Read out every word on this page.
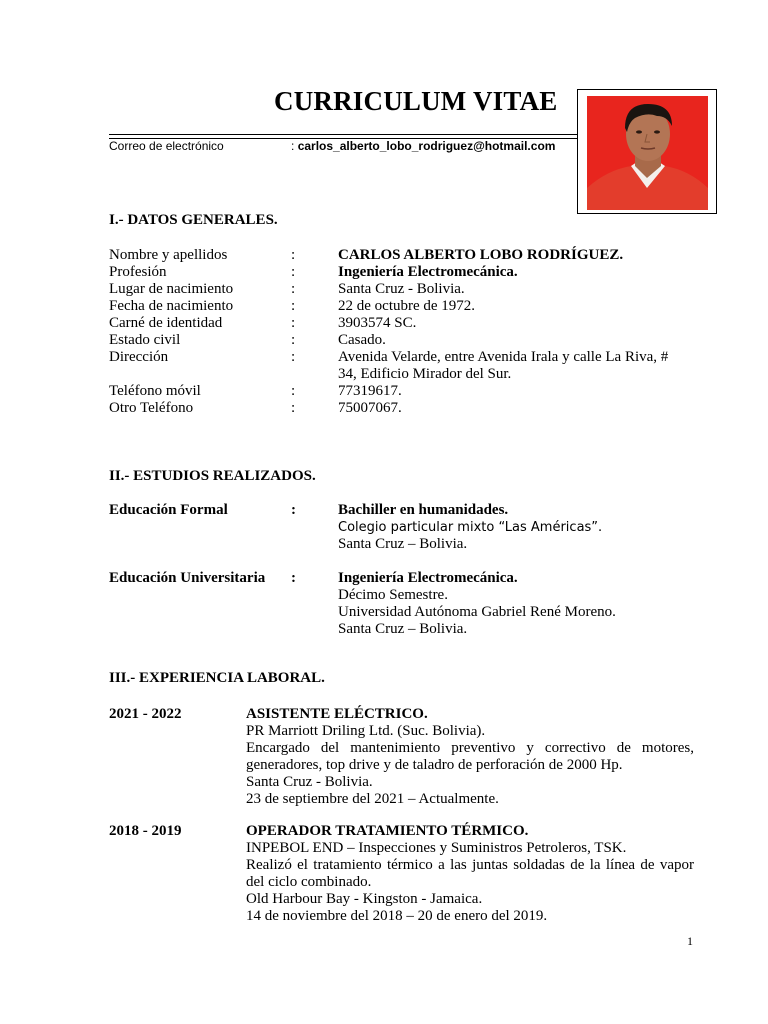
CURRICULUM VITAE
Correo de electrónico	: carlos_alberto_lobo_rodriguez@hotmail.com
I.- DATOS GENERALES.
Nombre y apellidos	:	CARLOS ALBERTO LOBO RODRÍGUEZ.
Profesión	:	Ingeniería Electromecánica.
Lugar de nacimiento	:	Santa Cruz - Bolivia.
Fecha de nacimiento	:	22 de octubre de 1972.
Carné de identidad	:	3903574 SC.
Estado civil	:	Casado.
Dirección	:	Avenida Velarde, entre Avenida Irala y calle La Riva, #
34, Edificio Mirador del Sur.
Teléfono móvil	:	77319617.
Otro Teléfono	:	75007067.
II.- ESTUDIOS REALIZADOS.
Educación Formal	:	Bachiller en humanidades.
Colegio particular mixto “Las Américas”.
Santa Cruz – Bolivia.
Educación Universitaria :	Ingeniería Electromecánica.
Décimo Semestre.
Universidad Autónoma Gabriel René Moreno.
Santa Cruz – Bolivia.
III.- EXPERIENCIA LABORAL.
2021 - 2022	ASISTENTE ELÉCTRICO.
PR Marriott Driling Ltd. (Suc. Bolivia).
Encargado del mantenimiento preventivo y correctivo de motores, generadores, top drive y de taladro de perforación de 2000 Hp.
Santa Cruz - Bolivia.
23 de septiembre del 2021 – Actualmente.
2018 - 2019	OPERADOR TRATAMIENTO TÉRMICO.
INPEBOL END – Inspecciones y Suministros Petroleros, TSK.
Realizó el tratamiento térmico a las juntas soldadas de la línea de vapor del ciclo combinado.
Old Harbour Bay - Kingston - Jamaica.
14 de noviembre del 2018 – 20 de enero del 2019.
1
